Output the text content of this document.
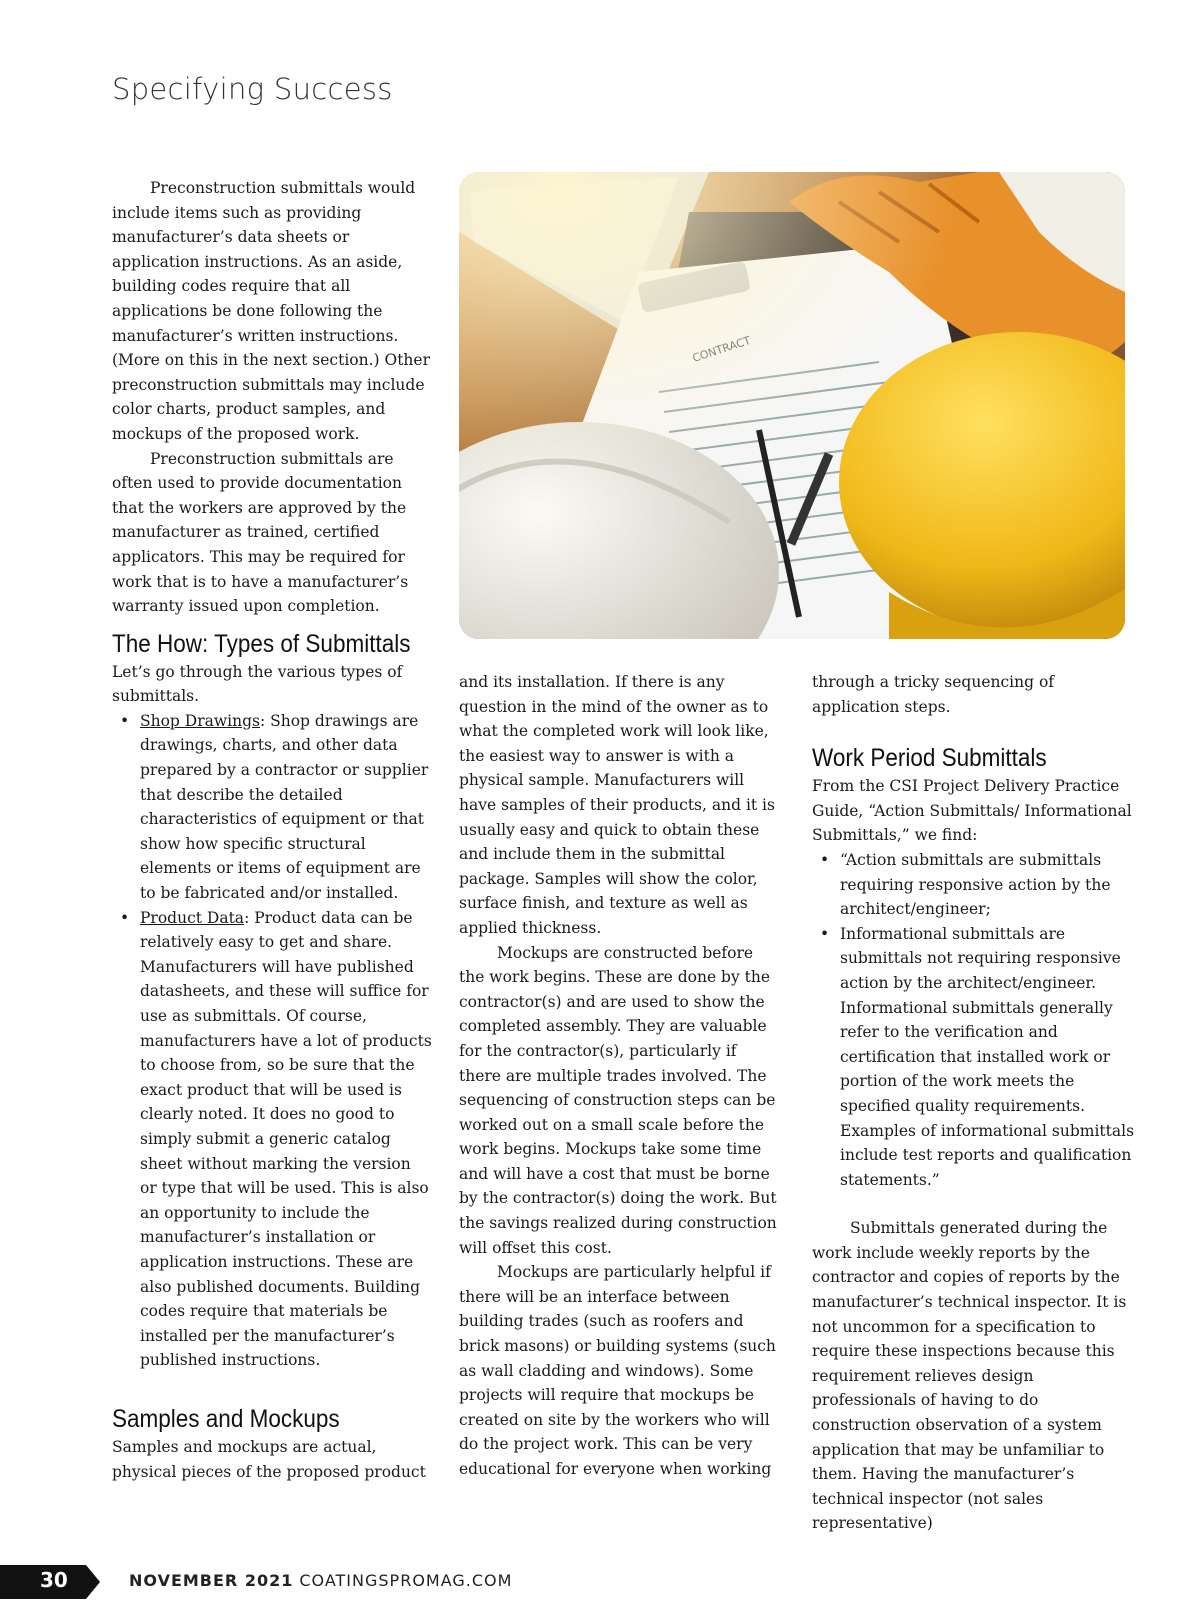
Specifying Success

Preconstruction submittals would include items such as providing manufacturer’s data sheets or application instructions. As an aside, building codes require that all applications be done following the manufacturer’s written instructions. (More on this in the next section.) Other preconstruction submittals may include color charts, product samples, and mockups of the proposed work.

Preconstruction submittals are often used to provide documentation that the workers are approved by the manufacturer as trained, certified applicators. This may be required for work that is to have a manufacturer’s warranty issued upon completion.

The How: Types of Submittals

Let’s go through the various types of submittals.

• Shop Drawings: Shop drawings are drawings, charts, and other data prepared by a contractor or supplier that describe the detailed characteristics of equipment or that show how specific structural elements or items of equipment are to be fabricated and/or installed.
• Product Data: Product data can be relatively easy to get and share. Manufacturers will have published datasheets, and these will suffice for use as submittals. Of course, manufacturers have a lot of products to choose from, so be sure that the exact product that will be used is clearly noted. It does no good to simply submit a generic catalog sheet without marking the version or type that will be used. This is also an opportunity to include the manufacturer’s installation or application instructions. These are also published documents. Building codes require that materials be installed per the manufacturer’s published instructions.
Samples and Mockups

Samples and mockups are actual, physical pieces of the proposed product

and its installation. If there is any question in the mind of the owner as to what the completed work will look like, the easiest way to answer is with a physical sample. Manufacturers will have samples of their products, and it is usually easy and quick to obtain these and include them in the submittal package. Samples will show the color, surface finish, and texture as well as applied thickness.

Mockups are constructed before the work begins. These are done by the contractor(s) and are used to show the completed assembly. They are valuable for the contractor(s), particularly if there are multiple trades involved. The sequencing of construction steps can be worked out on a small scale before the work begins. Mockups take some time and will have a cost that must be borne by the contractor(s) doing the work. But the savings realized during construction will offset this cost.

Mockups are particularly helpful if there will be an interface between building trades (such as roofers and brick masons) or building systems (such as wall cladding and windows). Some projects will require that mockups be created on site by the workers who will do the project work. This can be very educational for everyone when working

through a tricky sequencing of application steps.

Work Period Submittals

From the CSI Project Delivery Practice Guide, “Action Submittals/ Informational Submittals,” we find:

• “Action submittals are submittals requiring responsive action by the architect/engineer;
• Informational submittals are submittals not requiring responsive action by the architect/engineer. Informational submittals generally refer to the verification and certification that installed work or portion of the work meets the specified quality requirements. Examples of informational submittals include test reports and qualification statements.”

Submittals generated during the work include weekly reports by the contractor and copies of reports by the manufacturer’s technical inspector. It is not uncommon for a specification to require these inspections because this requirement relieves design professionals of having to do construction observation of a system application that may be unfamiliar to them. Having the manufacturer’s technical inspector (not sales representative)

30	NOVEMBER 2021 COATINGSPROMAG.COM
